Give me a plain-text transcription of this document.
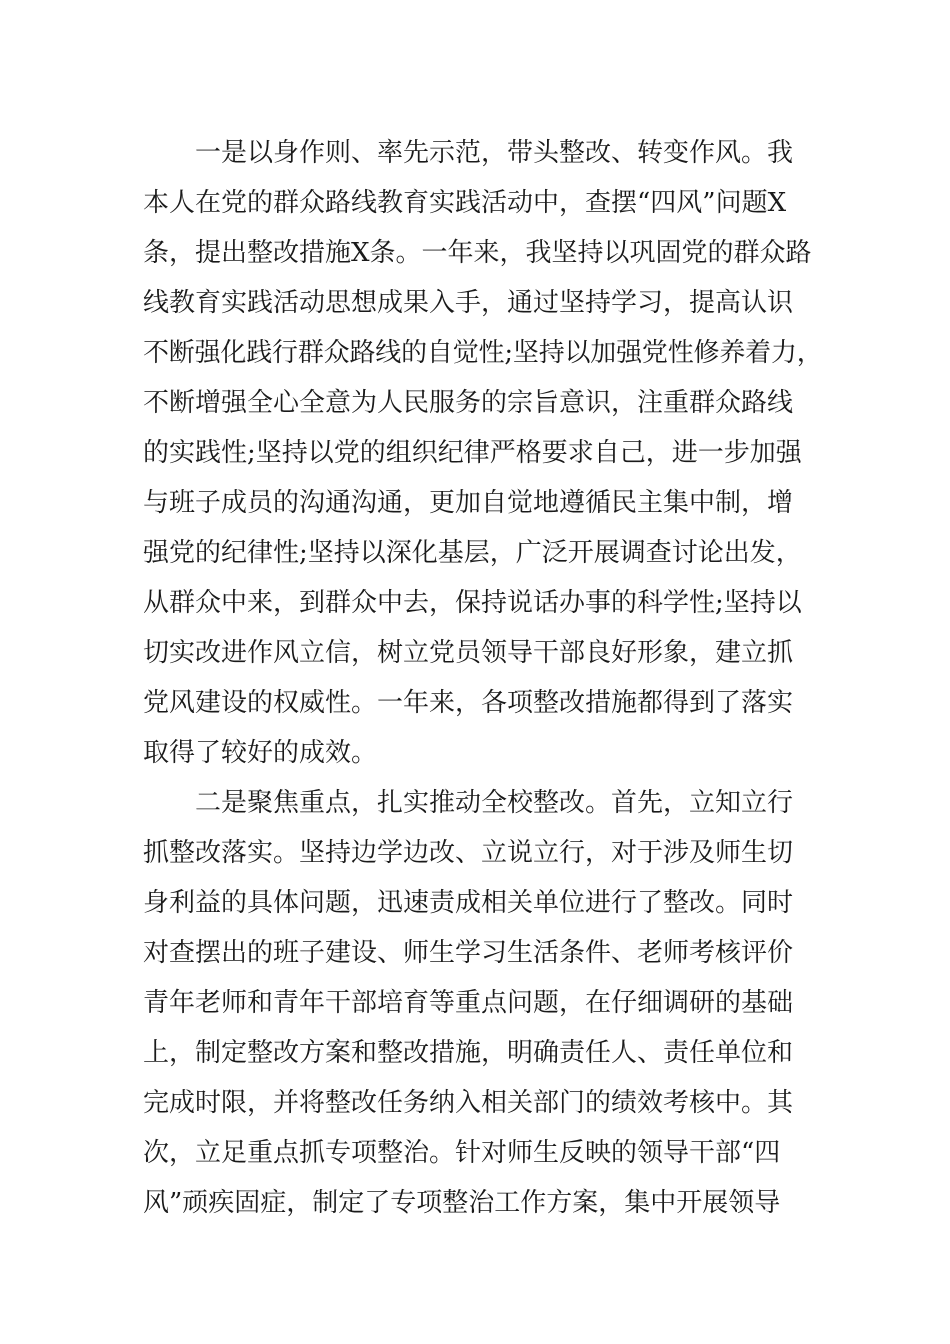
　　一是以身作则、率先示范，带头整改、转变作风。我
本人在党的群众路线教育实践活动中，查摆“四风”问题X
条，提出整改措施X条。一年来，我坚持以巩固党的群众路
线教育实践活动思想成果入手，通过坚持学习，提高认识
不断强化践行群众路线的自觉性;坚持以加强党性修养着力，
不断增强全心全意为人民服务的宗旨意识，注重群众路线
的实践性;坚持以党的组织纪律严格要求自己，进一步加强
与班子成员的沟通沟通，更加自觉地遵循民主集中制，增
强党的纪律性;坚持以深化基层，广泛开展调查讨论出发，
从群众中来，到群众中去，保持说话办事的科学性;坚持以
切实改进作风立信，树立党员领导干部良好形象，建立抓
党风建设的权威性。一年来，各项整改措施都得到了落实
取得了较好的成效。
　　二是聚焦重点，扎实推动全校整改。首先，立知立行
抓整改落实。坚持边学边改、立说立行，对于涉及师生切
身利益的具体问题，迅速责成相关单位进行了整改。同时
对查摆出的班子建设、师生学习生活条件、老师考核评价
青年老师和青年干部培育等重点问题，在仔细调研的基础
上，制定整改方案和整改措施，明确责任人、责任单位和
完成时限，并将整改任务纳入相关部门的绩效考核中。其
次，立足重点抓专项整治。针对师生反映的领导干部“四
风”顽疾固症，制定了专项整治工作方案，集中开展领导
